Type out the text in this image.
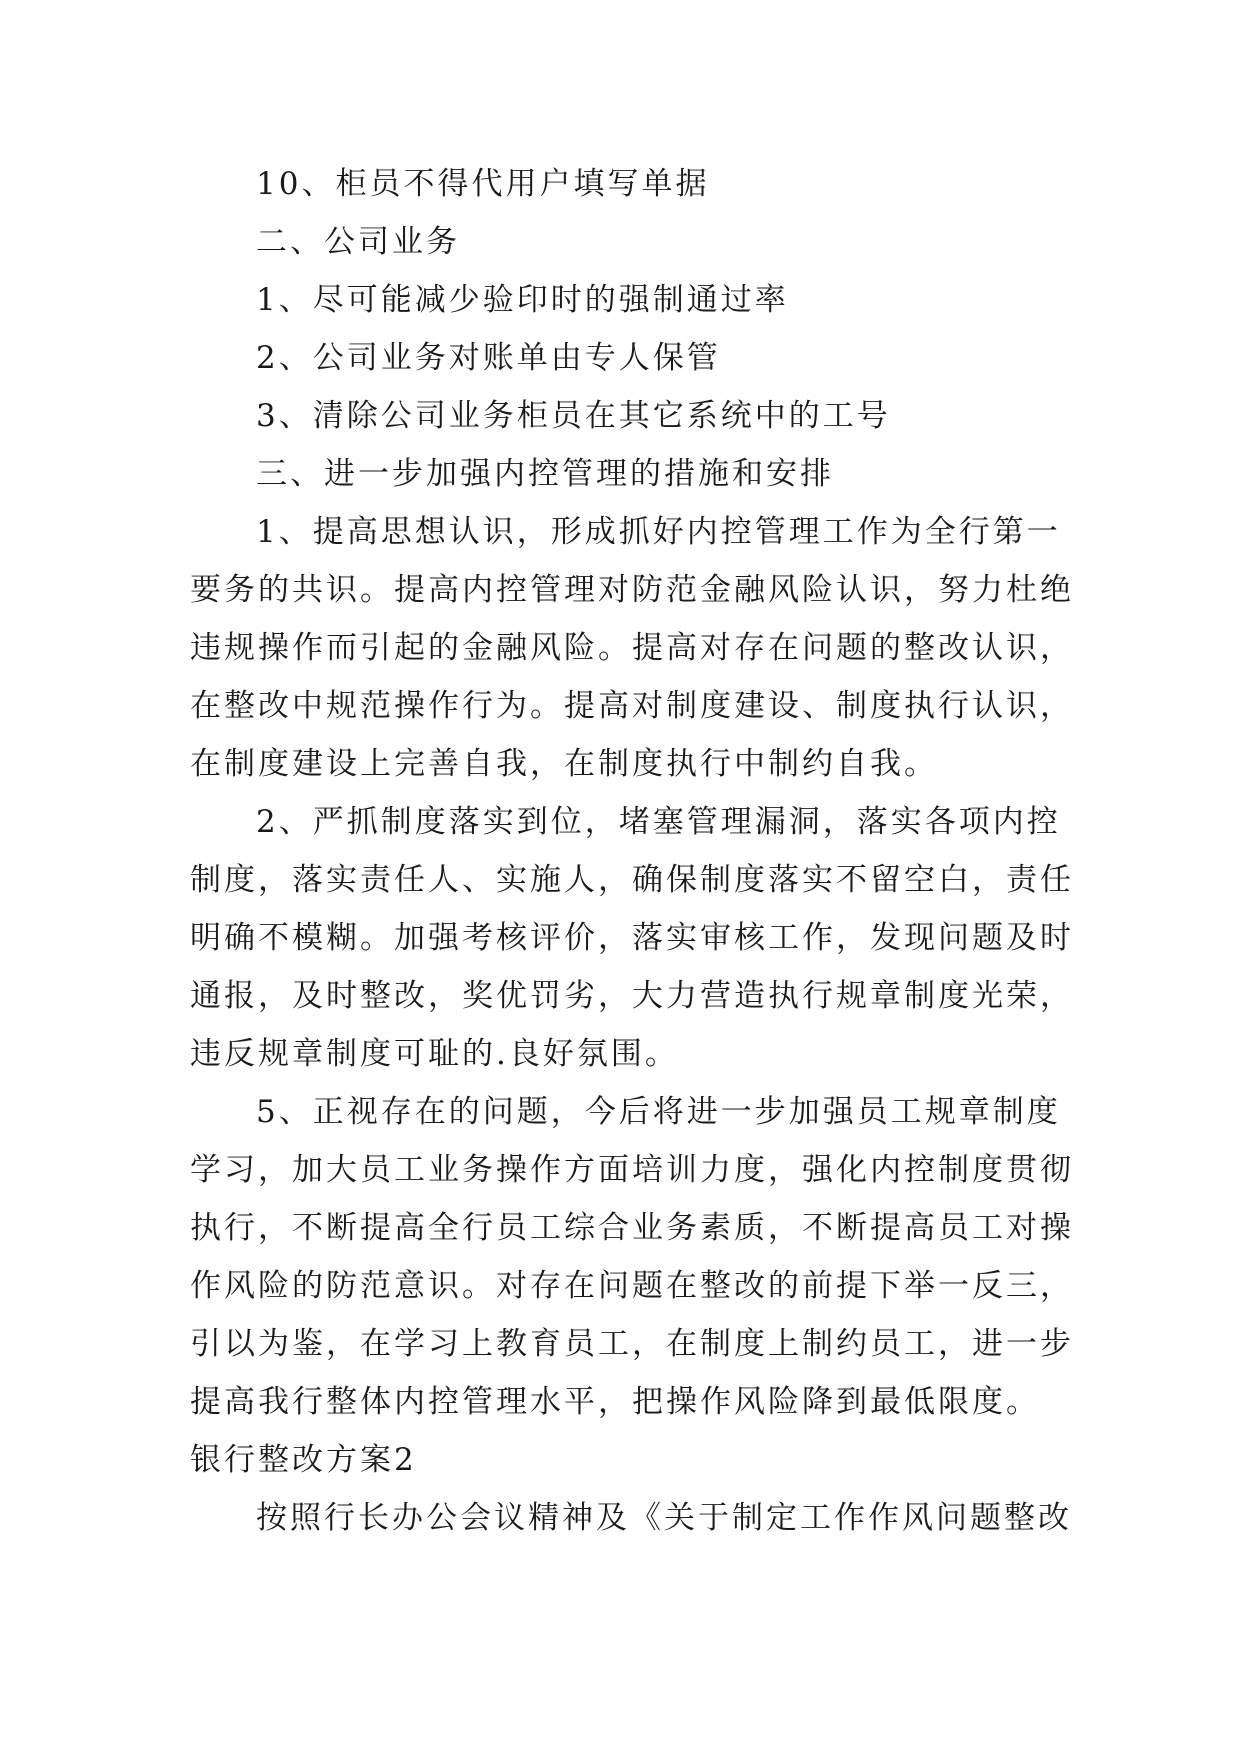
10、柜员不得代用户填写单据
二、公司业务
1、尽可能减少验印时的强制通过率
2、公司业务对账单由专人保管
3、清除公司业务柜员在其它系统中的工号
三、进一步加强内控管理的措施和安排
1、提高思想认识，形成抓好内控管理工作为全行第一
要务的共识。提高内控管理对防范金融风险认识，努力杜绝
违规操作而引起的金融风险。提高对存在问题的整改认识，
在整改中规范操作行为。提高对制度建设、制度执行认识，
在制度建设上完善自我，在制度执行中制约自我。
2、严抓制度落实到位，堵塞管理漏洞，落实各项内控
制度，落实责任人、实施人，确保制度落实不留空白，责任
明确不模糊。加强考核评价，落实审核工作，发现问题及时
通报，及时整改，奖优罚劣，大力营造执行规章制度光荣，
违反规章制度可耻的.良好氛围。
5、正视存在的问题，今后将进一步加强员工规章制度
学习，加大员工业务操作方面培训力度，强化内控制度贯彻
执行，不断提高全行员工综合业务素质，不断提高员工对操
作风险的防范意识。对存在问题在整改的前提下举一反三，
引以为鉴，在学习上教育员工，在制度上制约员工，进一步
提高我行整体内控管理水平，把操作风险降到最低限度。
银行整改方案2
按照行长办公会议精神及《关于制定工作作风问题整改
